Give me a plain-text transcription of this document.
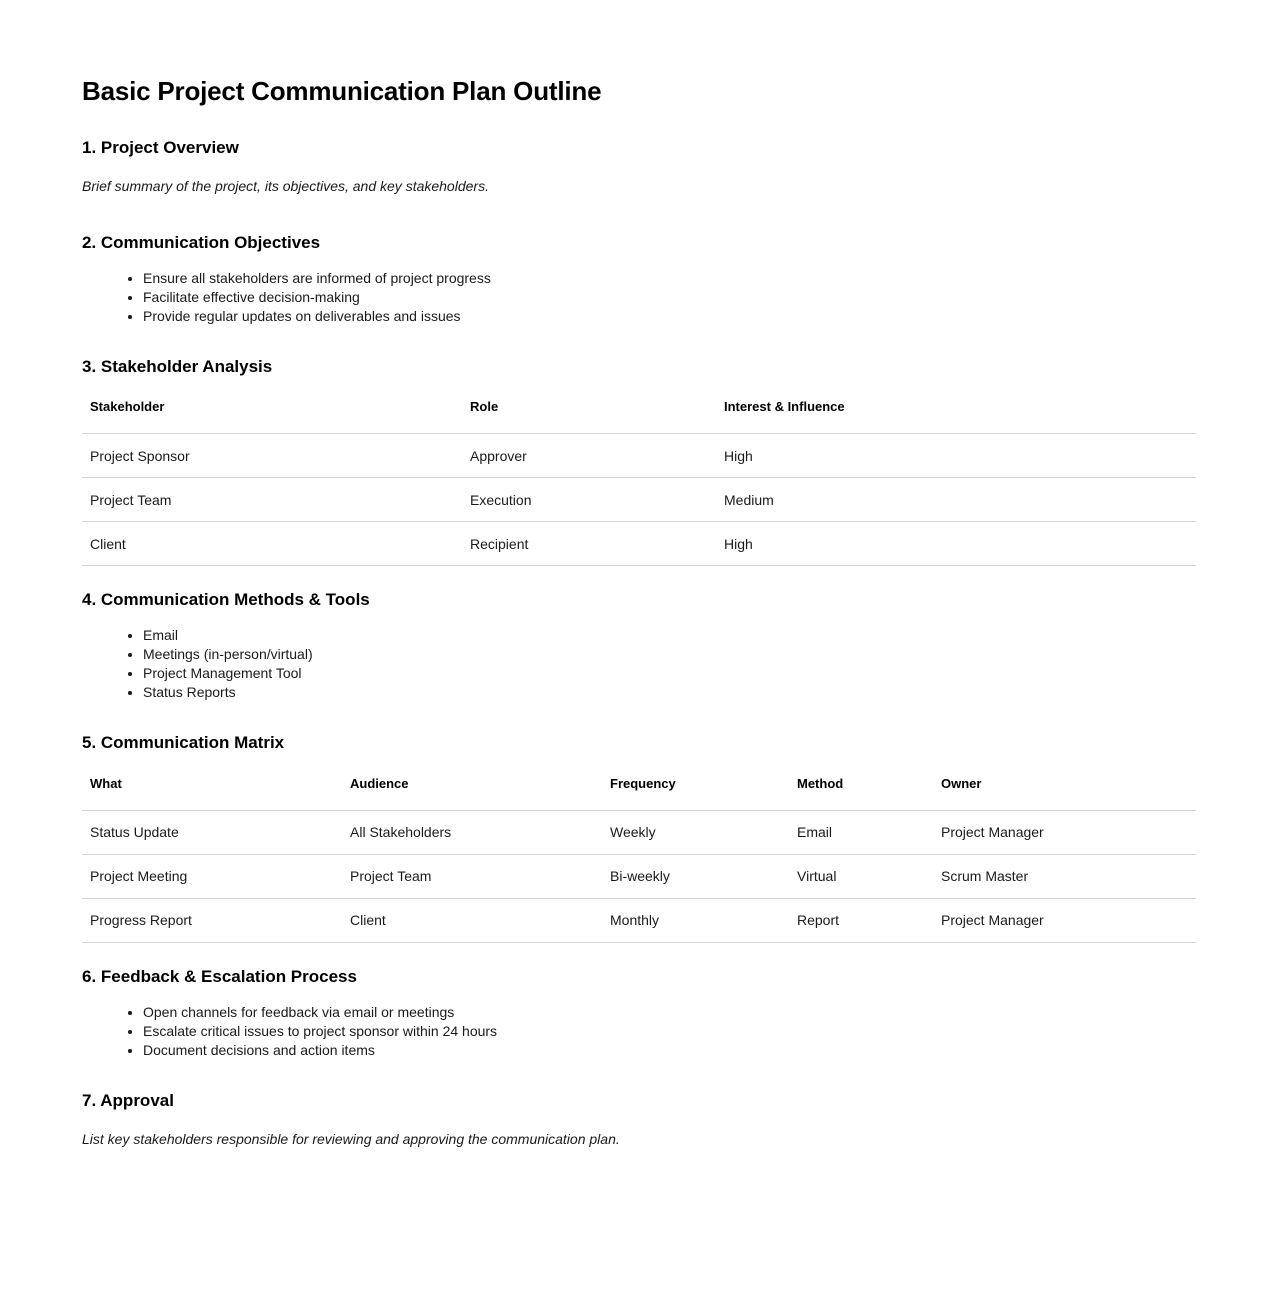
Basic Project Communication Plan Outline
1. Project Overview

Brief summary of the project, its objectives, and key stakeholders.

2. Communication Objectives
• Ensure all stakeholders are informed of project progress
• Facilitate effective decision-making
• Provide regular updates on deliverables and issues
3. Stakeholder Analysis
Stakeholder	Role	Interest & Influence
Project Sponsor	Approver	High
Project Team	Execution	Medium
Client	Recipient	High
4. Communication Methods & Tools
• Email
• Meetings (in-person/virtual)
• Project Management Tool
• Status Reports
5. Communication Matrix
What	Audience	Frequency	Method	Owner
Status Update	All Stakeholders	Weekly	Email	Project Manager
Project Meeting	Project Team	Bi-weekly	Virtual	Scrum Master
Progress Report	Client	Monthly	Report	Project Manager
6. Feedback & Escalation Process
• Open channels for feedback via email or meetings
• Escalate critical issues to project sponsor within 24 hours
• Document decisions and action items
7. Approval

List key stakeholders responsible for reviewing and approving the communication plan.
